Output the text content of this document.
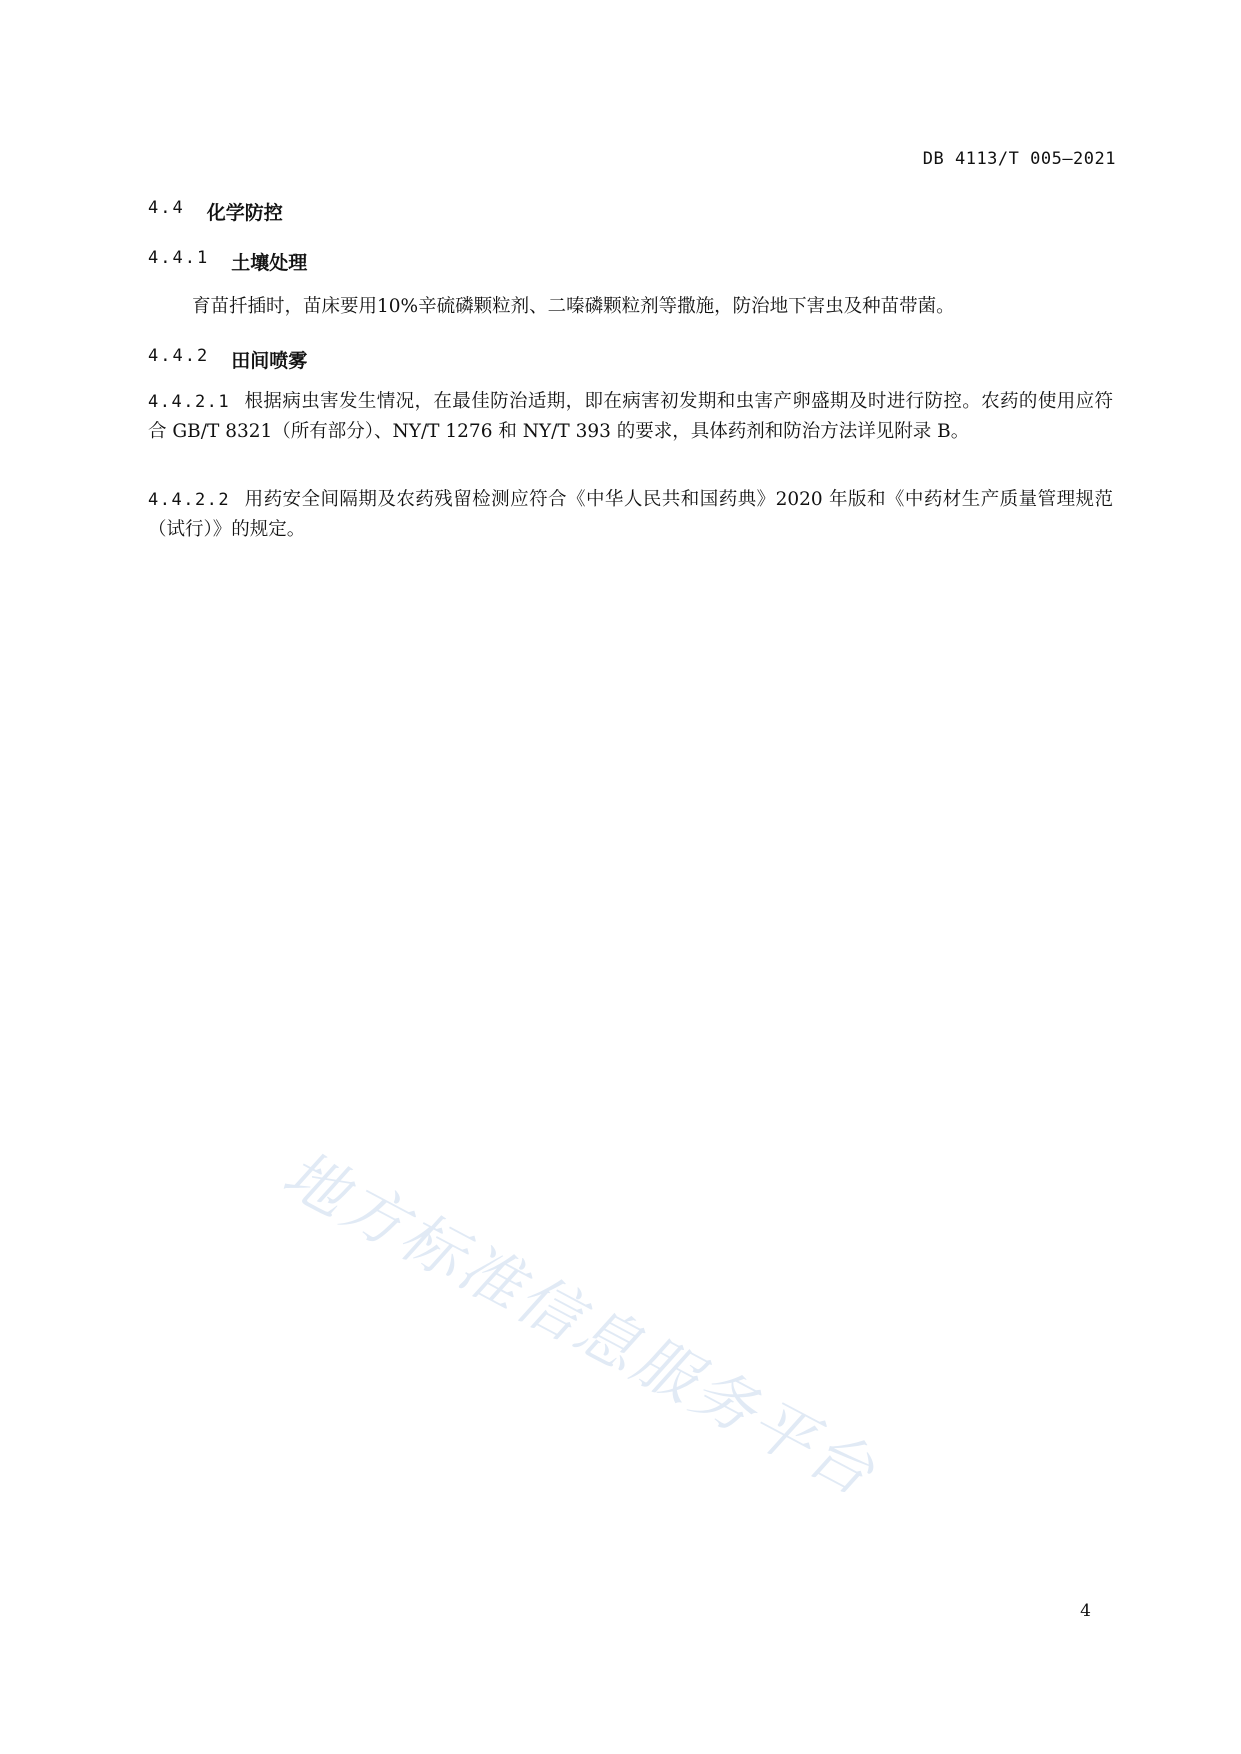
DB 4113/T 005—2021
4.4 化学防控
4.4.1 土壤处理
育苗扦插时，苗床要用10%辛硫磷颗粒剂、二嗪磷颗粒剂等撒施，防治地下害虫及种苗带菌。
4.4.2 田间喷雾
4.4.2.1 根据病虫害发生情况，在最佳防治适期，即在病害初发期和虫害产卵盛期及时进行防控。农药的使用应符合 GB/T 8321（所有部分）、NY/T 1276 和 NY/T 393 的要求，具体药剂和防治方法详见附录 B。
4.4.2.2 用药安全间隔期及农药残留检测应符合《中华人民共和国药典》2020 年版和《中药材生产质量管理规范（试行）》的规定。
地方标准信息服务平台
4
